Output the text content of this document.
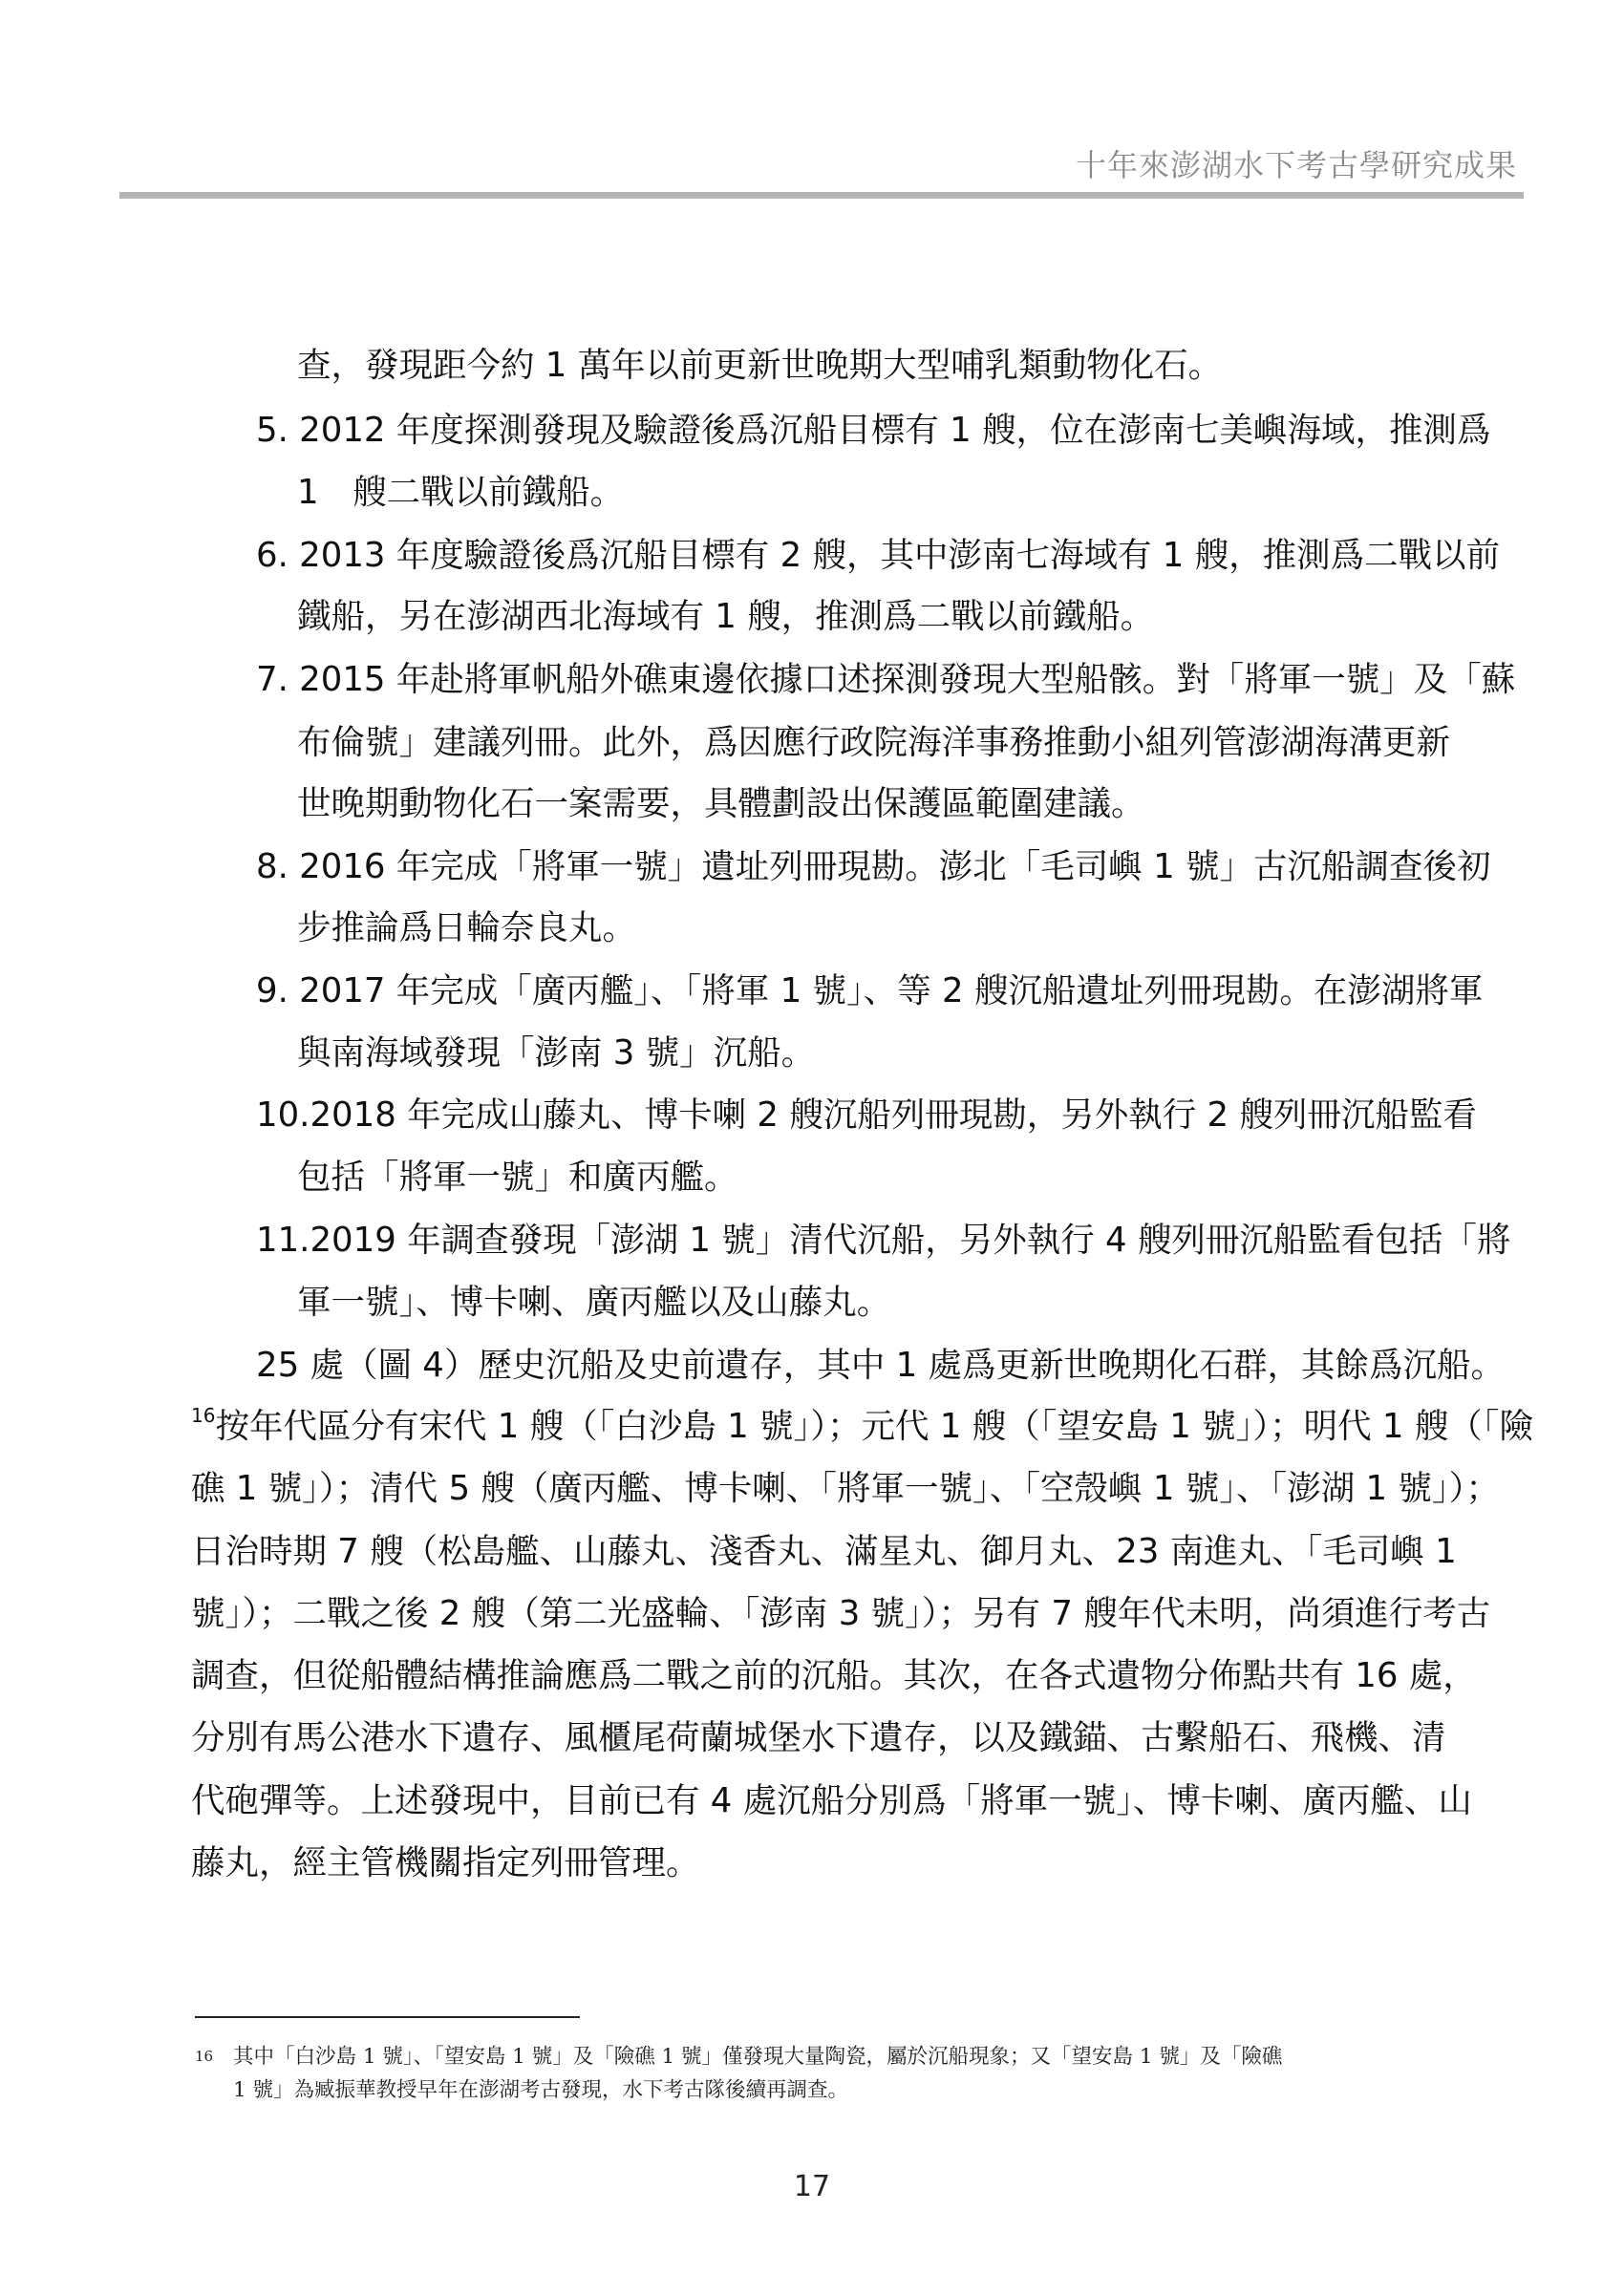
十年來澎湖水下考古學研究成果
查，發現距今約 1 萬年以前更新世晚期大型哺乳類動物化石。
5. 2012 年度探測發現及驗證後爲沉船目標有 1 艘，位在澎南七美嶼海域，推測爲
1　艘二戰以前鐵船。
6. 2013 年度驗證後爲沉船目標有 2 艘，其中澎南七海域有 1 艘，推測爲二戰以前
鐵船，另在澎湖西北海域有 1 艘，推測爲二戰以前鐵船。
7. 2015 年赴將軍帆船外礁東邊依據口述探測發現大型船骸。對「將軍一號」及「蘇
布倫號」建議列冊。此外，爲因應行政院海洋事務推動小組列管澎湖海溝更新
世晚期動物化石一案需要，具體劃設出保護區範圍建議。
8. 2016 年完成「將軍一號」遺址列冊現勘。澎北「毛司嶼 1 號」古沉船調查後初
步推論爲日輪奈良丸。
9. 2017 年完成「廣丙艦」、「將軍 1 號」、等 2 艘沉船遺址列冊現勘。在澎湖將軍
與南海域發現「澎南 3 號」沉船。
10.2018 年完成山藤丸、博卡喇 2 艘沉船列冊現勘，另外執行 2 艘列冊沉船監看
包括「將軍一號」和廣丙艦。
11.2019 年調查發現「澎湖 1 號」清代沉船，另外執行 4 艘列冊沉船監看包括「將
軍一號」、博卡喇、廣丙艦以及山藤丸。
25 處（圖 4）歷史沉船及史前遺存，其中 1 處爲更新世晚期化石群，其餘爲沉船。
$^{16}$按年代區分有宋代 1 艘（「白沙島 1 號」）；元代 1 艘（「望安島 1 號」）；明代 1 艘（「險
礁 1 號」）；清代 5 艘（廣丙艦、博卡喇、「將軍一號」、「空殼嶼 1 號」、「澎湖 1 號」）；
日治時期 7 艘（松島艦、山藤丸、淺香丸、滿星丸、御月丸、23 南進丸、「毛司嶼 1
號」）；二戰之後 2 艘（第二光盛輪、「澎南 3 號」）；另有 7 艘年代未明，尚須進行考古
調查，但從船體結構推論應爲二戰之前的沉船。其次，在各式遺物分佈點共有 16 處，
分別有馬公港水下遺存、風櫃尾荷蘭城堡水下遺存，以及鐵錨、古繫船石、飛機、清
代砲彈等。上述發現中，目前已有 4 處沉船分別爲「將軍一號」、博卡喇、廣丙艦、山
藤丸，經主管機關指定列冊管理。
16 其中「白沙島 1 號」、「望安島 1 號」及「險礁 1 號」僅發現大量陶瓷，屬於沉船現象；又「望安島 1 號」及「險礁
1 號」為臧振華教授早年在澎湖考古發現，水下考古隊後續再調查。
17
